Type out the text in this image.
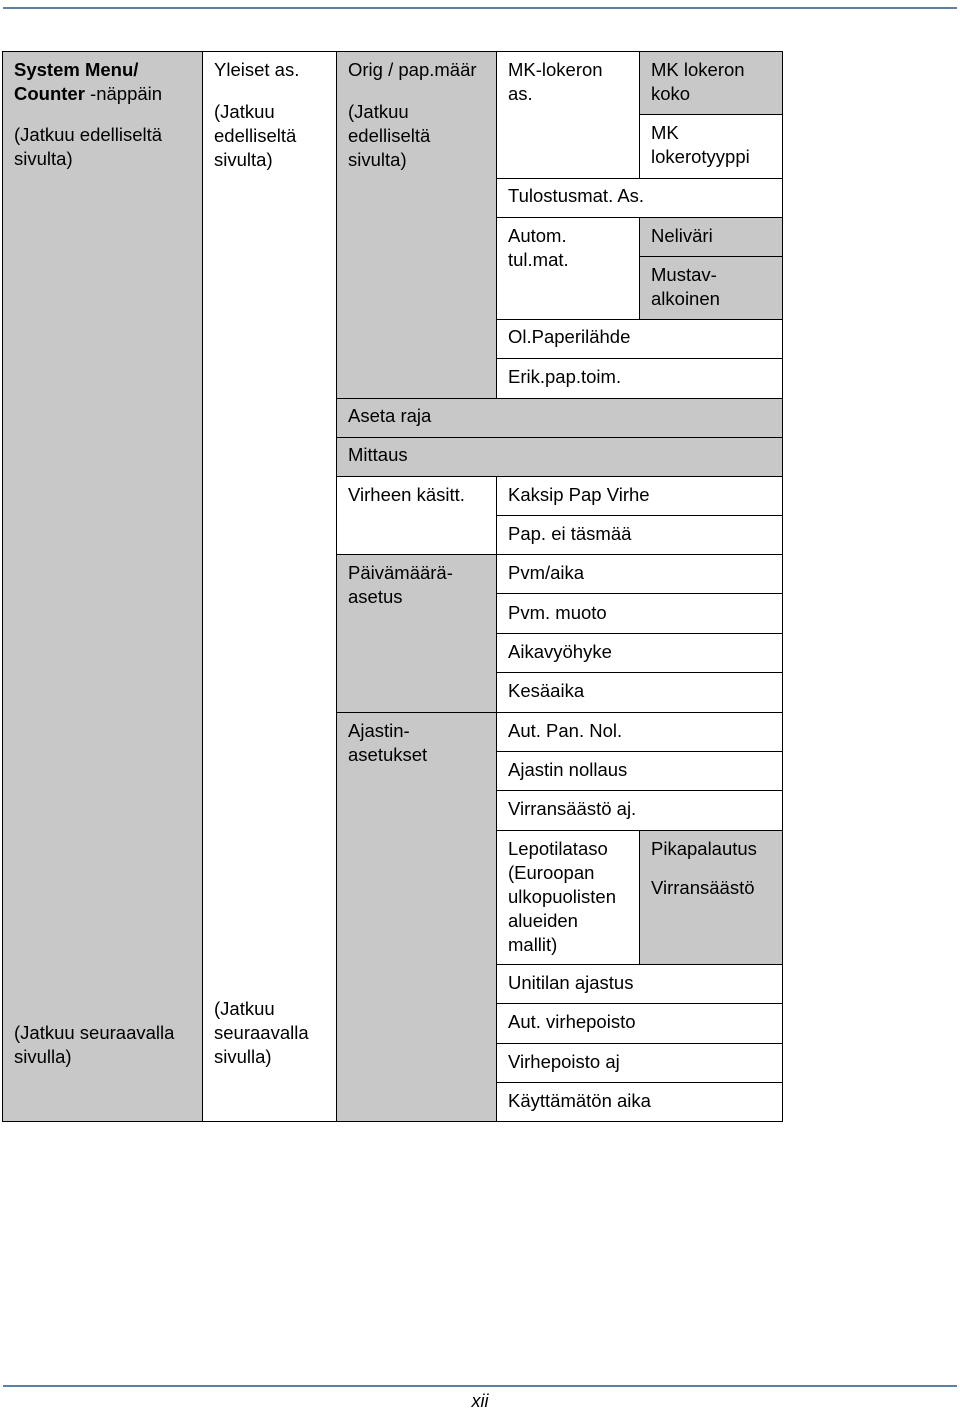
System Menu/
Counter -näppäin
(Jatkuu edelliseltä
sivulta)
(Jatkuu seuraavalla
sivulla)
Yleiset as.
(Jatkuu
edelliseltä
sivulta)
(Jatkuu
seuraavalla
sivulla)
Orig / pap.määr
(Jatkuu
edelliseltä
sivulta)
Aseta raja
Mittaus
Virheen käsitt.
Päivämäärä-
asetus
Ajastin-
asetukset
MK-lokeron
as.
Tulostusmat. As.
Autom.
tul.mat.
Ol.Paperilähde
Erik.pap.toim.
Kaksip Pap Virhe
Pap. ei täsmää
Pvm/aika
Pvm. muoto
Aikavyöhyke
Kesäaika
Aut. Pan. Nol.
Ajastin nollaus
Virransäästö aj.
Lepotilataso
(Euroopan
ulkopuolisten
alueiden
mallit)
Unitilan ajastus
Aut. virhepoisto
Virhepoisto aj
Käyttämätön aika
MK lokeron
koko
MK
lokerotyyppi
Neliväri
Mustav-
alkoinen
Pikapalautus
Virransäästö
xii
